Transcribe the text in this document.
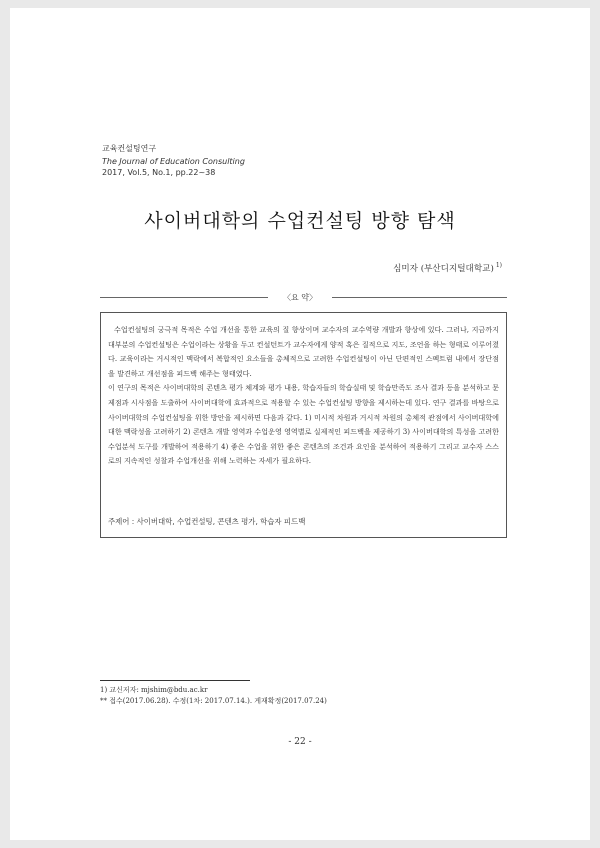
교육컨설팅연구
The Journal of Education Consulting
2017, Vol.5, No.1, pp.22~38
사이버대학의 수업컨설팅 방향 탐색
심미자 (부산디지털대학교) $^{1)}$
〈요 약〉

수업컨설팅의 궁극적 목적은 수업 개선을 통한 교육의 질 향상이며 교수자의 교수역량 개발과 향상에 있다. 그러나, 지금까지 대부분의 수업컨설팅은 수업이라는 상황을 두고 컨설턴트가 교수자에게 양적 혹은 질적으로 지도, 조언을 하는 형태로 이루어졌다. 교육이라는 거시적인 맥락에서 복합적인 요소들을 총체적으로 고려한 수업컨설팅이 아닌 단편적인 스펙트럼 내에서 장단점을 발견하고 개선점을 피드백 해주는 형태였다.

이 연구의 목적은 사이버대학의 콘텐츠 평가 체계와 평가 내용, 학습자들의 학습실태 및 학습만족도 조사 결과 등을 분석하고 문제점과 시사점을 도출하여 사이버대학에 효과적으로 적용할 수 있는 수업컨설팅 방향을 제시하는데 있다. 연구 결과를 바탕으로 사이버대학의 수업컨설팅을 위한 방안을 제시하면 다음과 같다. 1) 미시적 차원과 거시적 차원의 총체적 관점에서 사이버대학에 대한 맥락성을 고려하기 2) 콘텐츠 개발 영역과 수업운영 영역별로 실제적인 피드백을 제공하기 3) 사이버대학의 특성을 고려한 수업분석 도구를 개발하여 적용하기 4) 좋은 수업을 위한 좋은 콘텐츠의 조건과 요인을 분석하여 적용하기 그리고 교수자 스스로의 지속적인 성찰과 수업개선을 위해 노력하는 자세가 필요하다.

주제어 : 사이버대학, 수업컨설팅, 콘텐츠 평가, 학습자 피드백
1) 교신저자: mjshim@bdu.ac.kr
** 접수(2017.06.28). 수정(1차: 2017.07.14.). 게재확정(2017.07.24)
- 22 -
